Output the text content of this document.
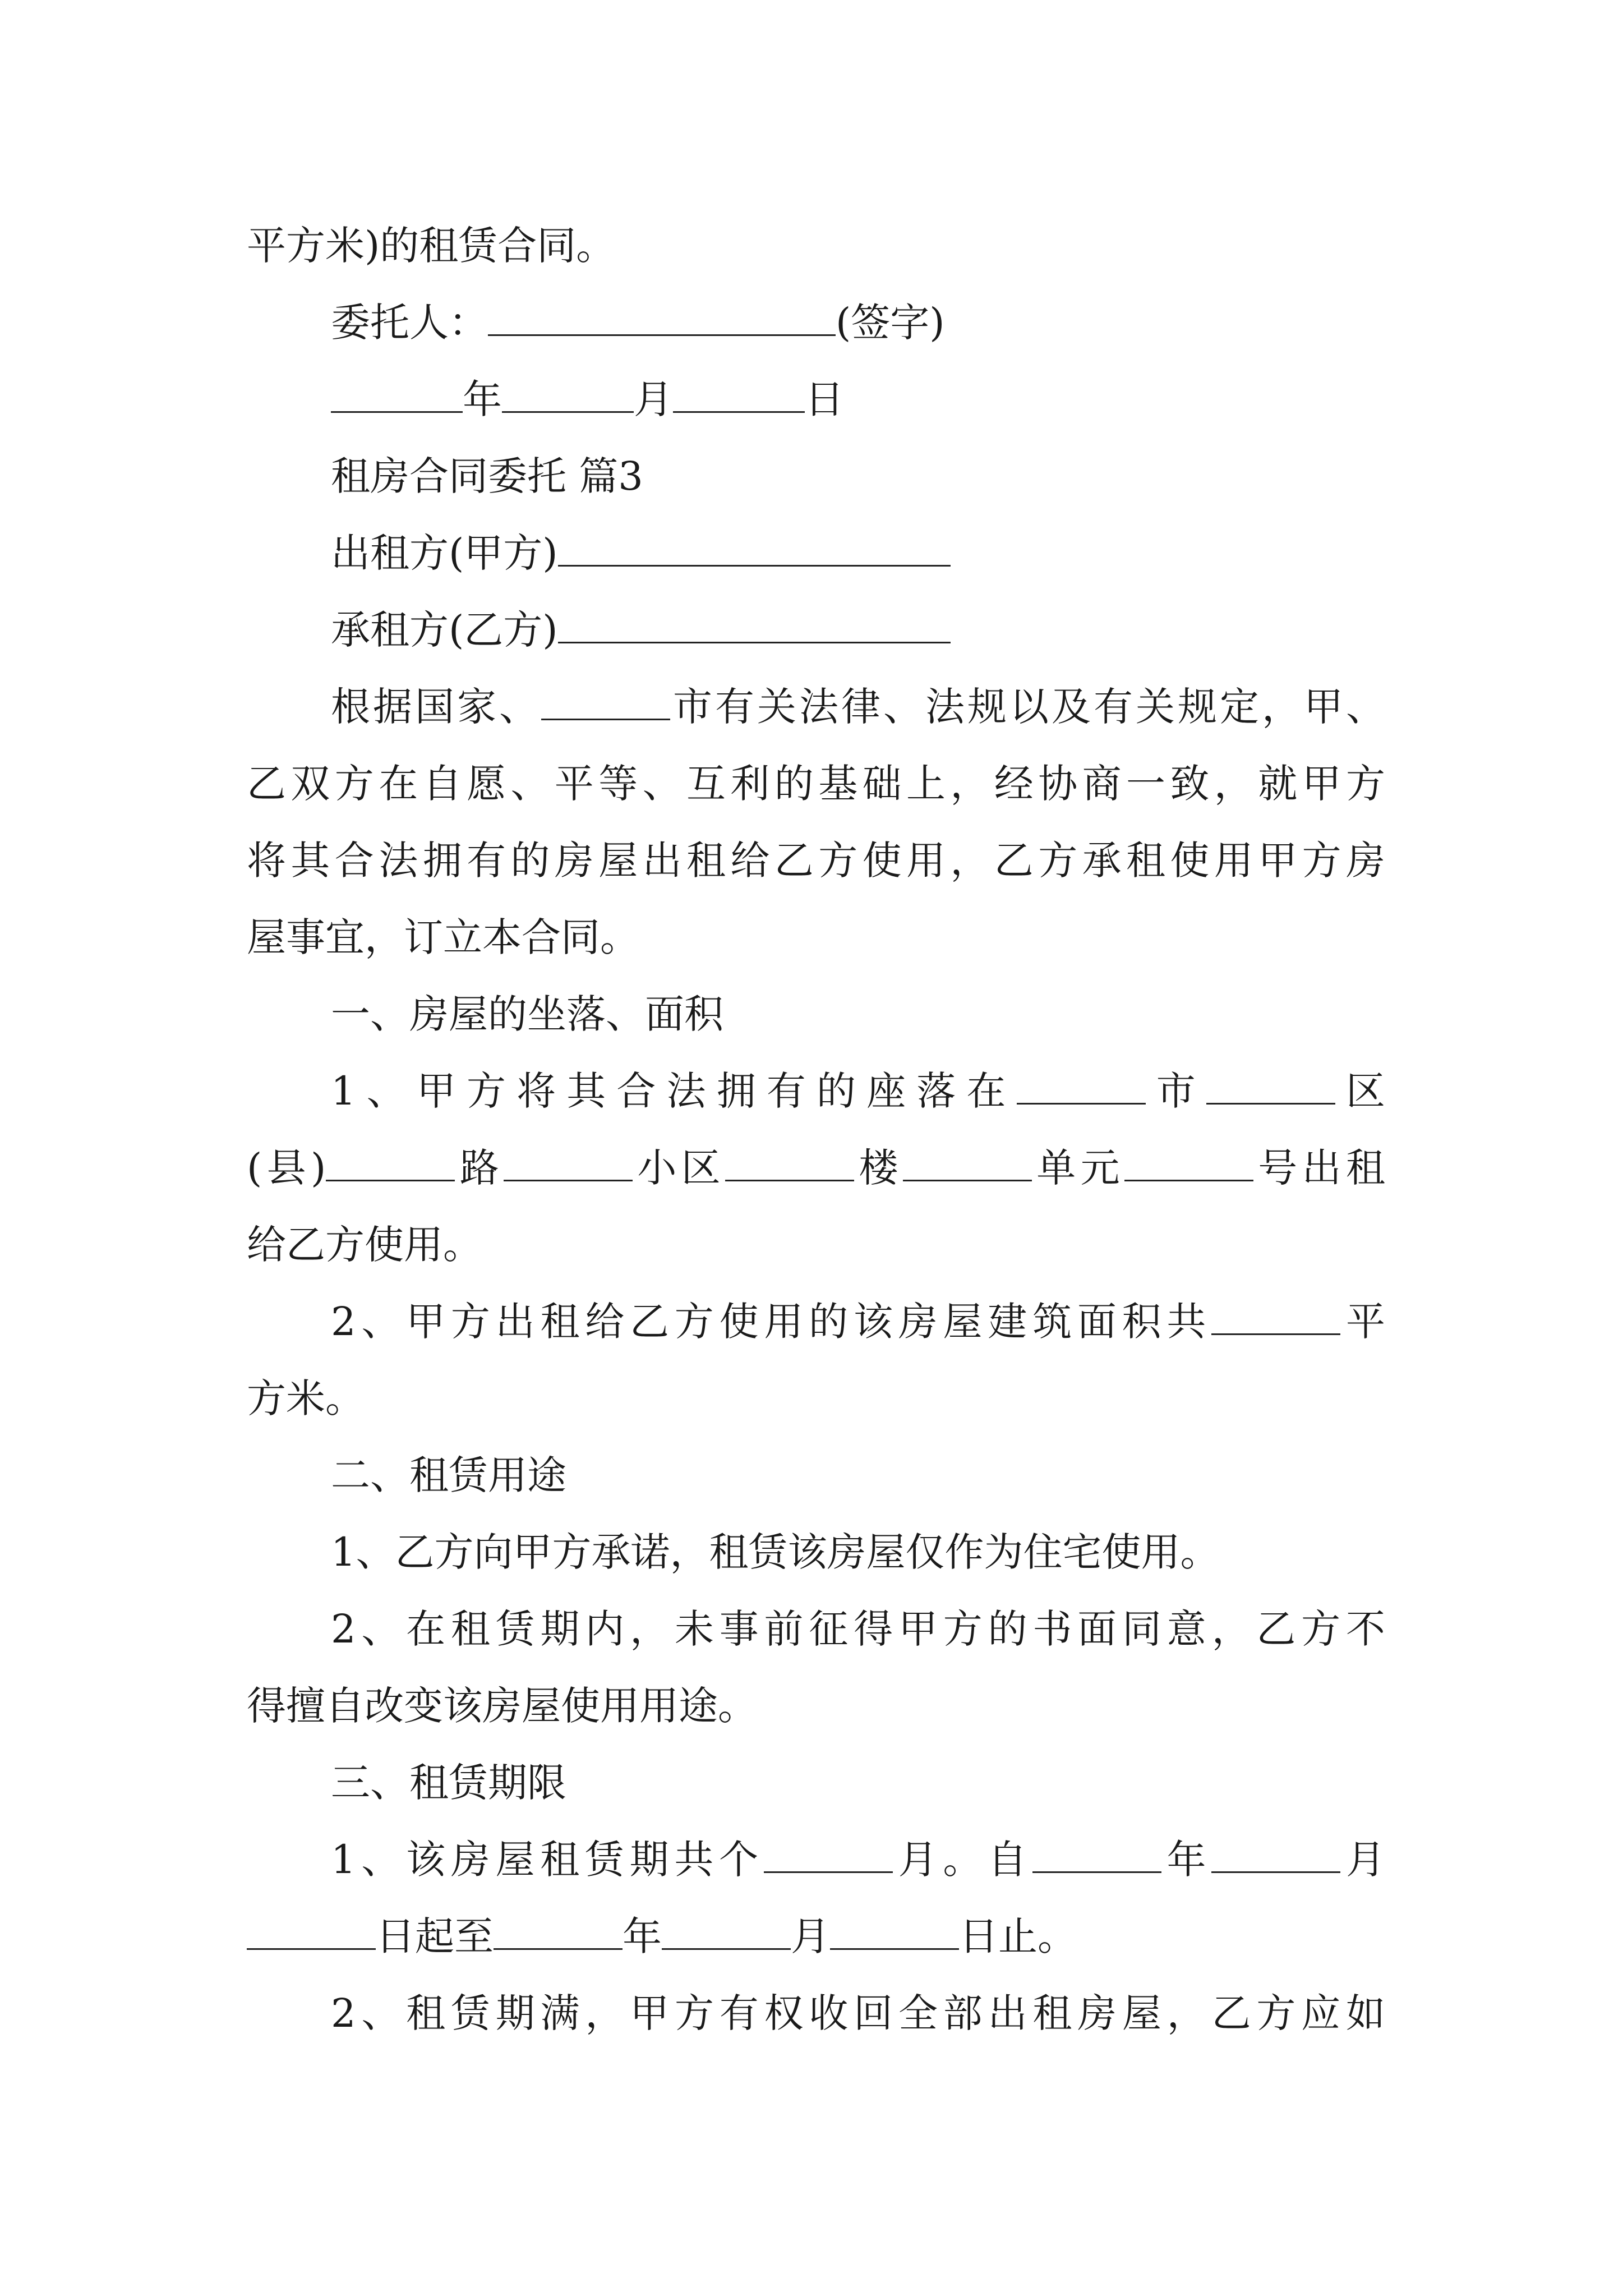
平方米)的租赁合同。
委托人：	(签字)
年	月	日
租房合同委托 篇3
出租方(甲方)
承租方(乙方)
根据国家、	市有关法律、法规以及有关规定，甲、
乙双方在自愿、平等、互利的基础上，经协商一致，就甲方
将其合法拥有的房屋出租给乙方使用，乙方承租使用甲方房
屋事宜，订立本合同。
一、房屋的坐落、面积
1、甲方将其合法拥有的座落在	市	区
(县)	路	小区	楼	单元	号出租
给乙方使用。
2、甲方出租给乙方使用的该房屋建筑面积共	平
方米。
二、租赁用途
1、乙方向甲方承诺，租赁该房屋仅作为住宅使用。
2、在租赁期内，未事前征得甲方的书面同意，乙方不
得擅自改变该房屋使用用途。
三、租赁期限
1、该房屋租赁期共个	月。自	年	月
日起至	年	月	日止。
2、租赁期满，甲方有权收回全部出租房屋，乙方应如
